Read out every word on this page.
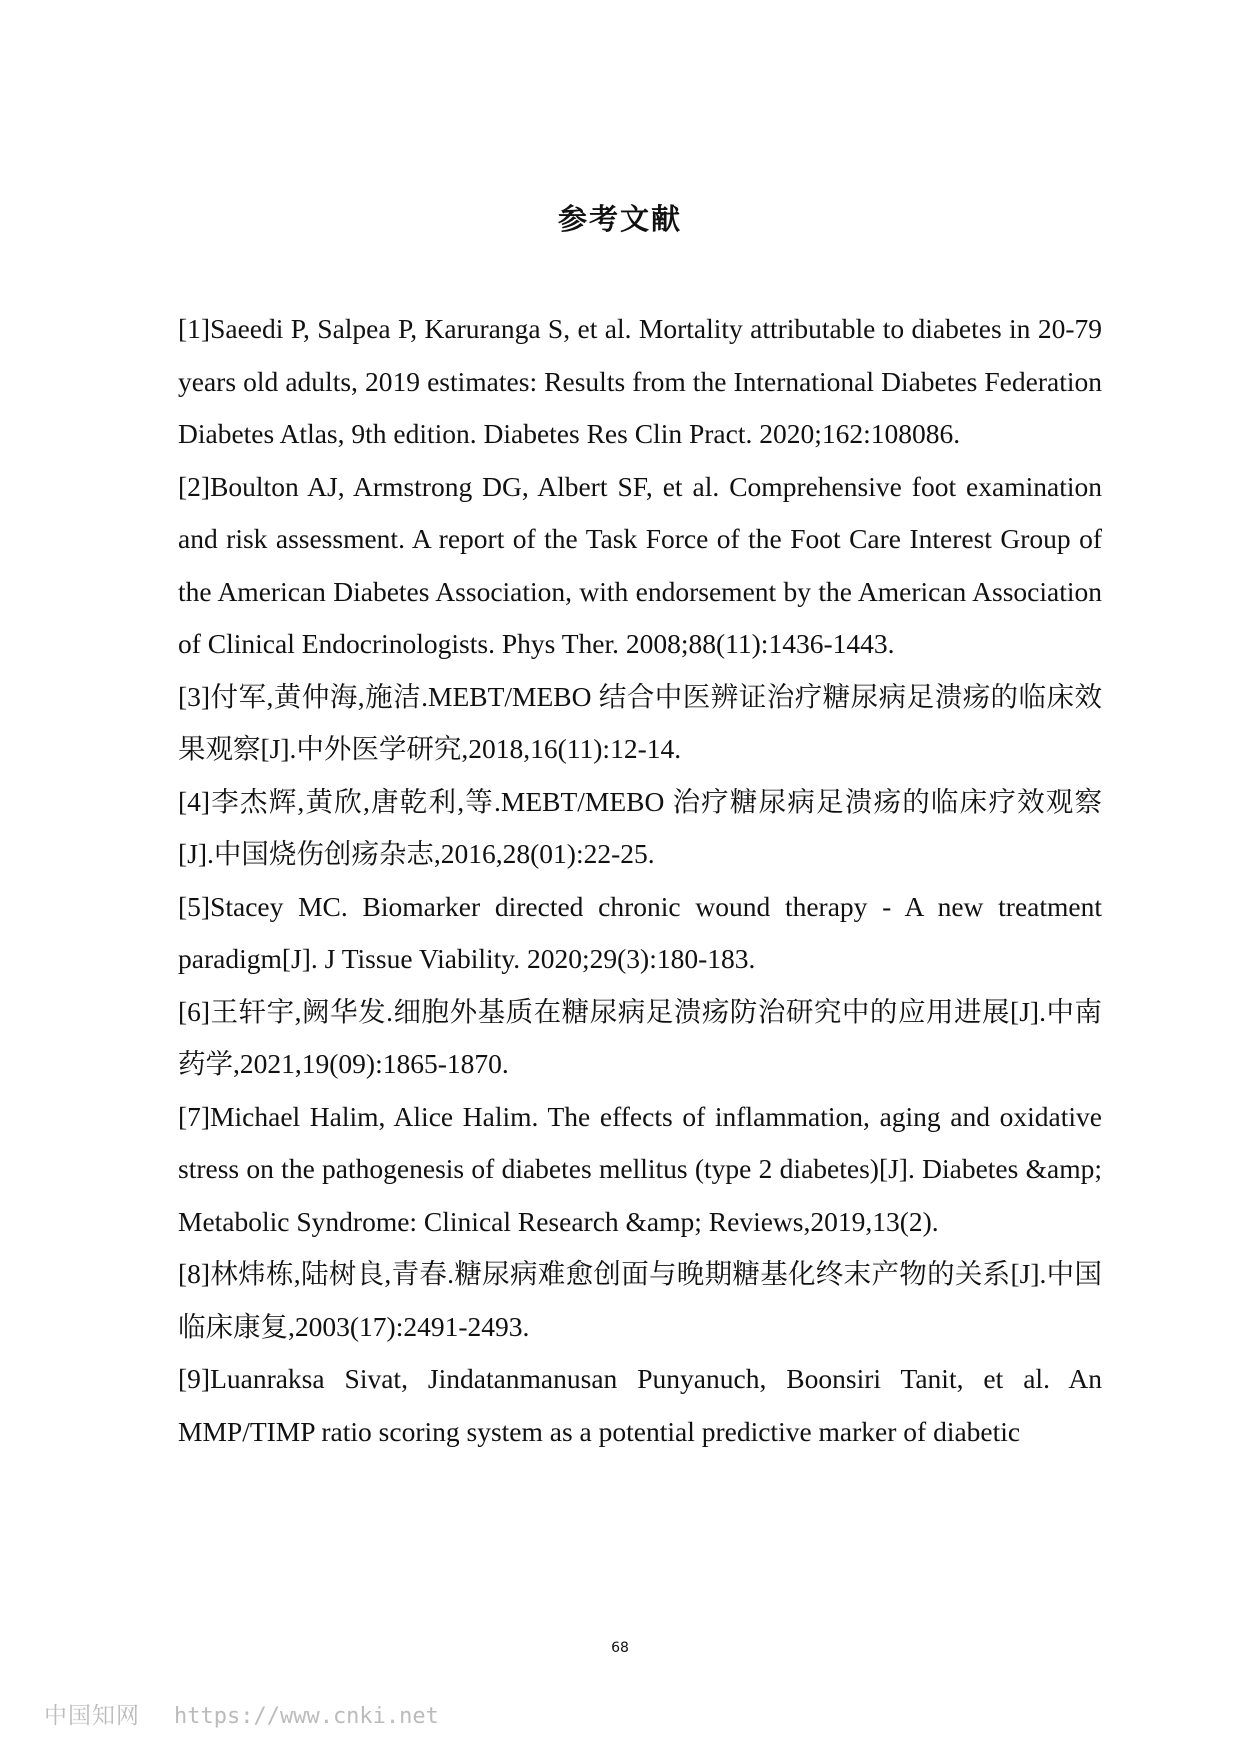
参考文献

[1]Saeedi P, Salpea P, Karuranga S, et al. Mortality attributable to diabetes in 20-79 years old adults, 2019 estimates: Results from the International Diabetes Federation Diabetes Atlas, 9th edition. Diabetes Res Clin Pract. 2020;162:108086.

[2]Boulton AJ, Armstrong DG, Albert SF, et al. Comprehensive foot examination and risk assessment. A report of the Task Force of the Foot Care Interest Group of the American Diabetes Association, with endorsement by the American Association of Clinical Endocrinologists. Phys Ther. 2008;88(11):1436-1443.

[3]付军,黄仲海,施洁.MEBT/MEBO 结合中医辨证治疗糖尿病足溃疡的临床效果观察[J].中外医学研究,2018,16(11):12-14.

[4]李杰辉,黄欣,唐乾利,等.MEBT/MEBO 治疗糖尿病足溃疡的临床疗效观察[J].中国烧伤创疡杂志,2016,28(01):22-25.

[5]Stacey MC. Biomarker directed chronic wound therapy - A new treatment paradigm[J]. J Tissue Viability. 2020;29(3):180-183.

[6]王轩宇,阙华发.细胞外基质在糖尿病足溃疡防治研究中的应用进展[J].中南药学,2021,19(09):1865-1870.

[7]Michael Halim, Alice Halim. The effects of inflammation, aging and oxidative stress on the pathogenesis of diabetes mellitus (type 2 diabetes)[J]. Diabetes &amp; Metabolic Syndrome: Clinical Research &amp; Reviews,2019,13(2).

[8]林炜栋,陆树良,青春.糖尿病难愈创面与晚期糖基化终末产物的关系[J].中国临床康复,2003(17):2491-2493.

[9]Luanraksa Sivat, Jindatanmanusan Punyanuch, Boonsiri Tanit, et al. An MMP/TIMP ratio scoring system as a potential predictive marker of diabetic

68
中国知网 https://www.cnki.net
